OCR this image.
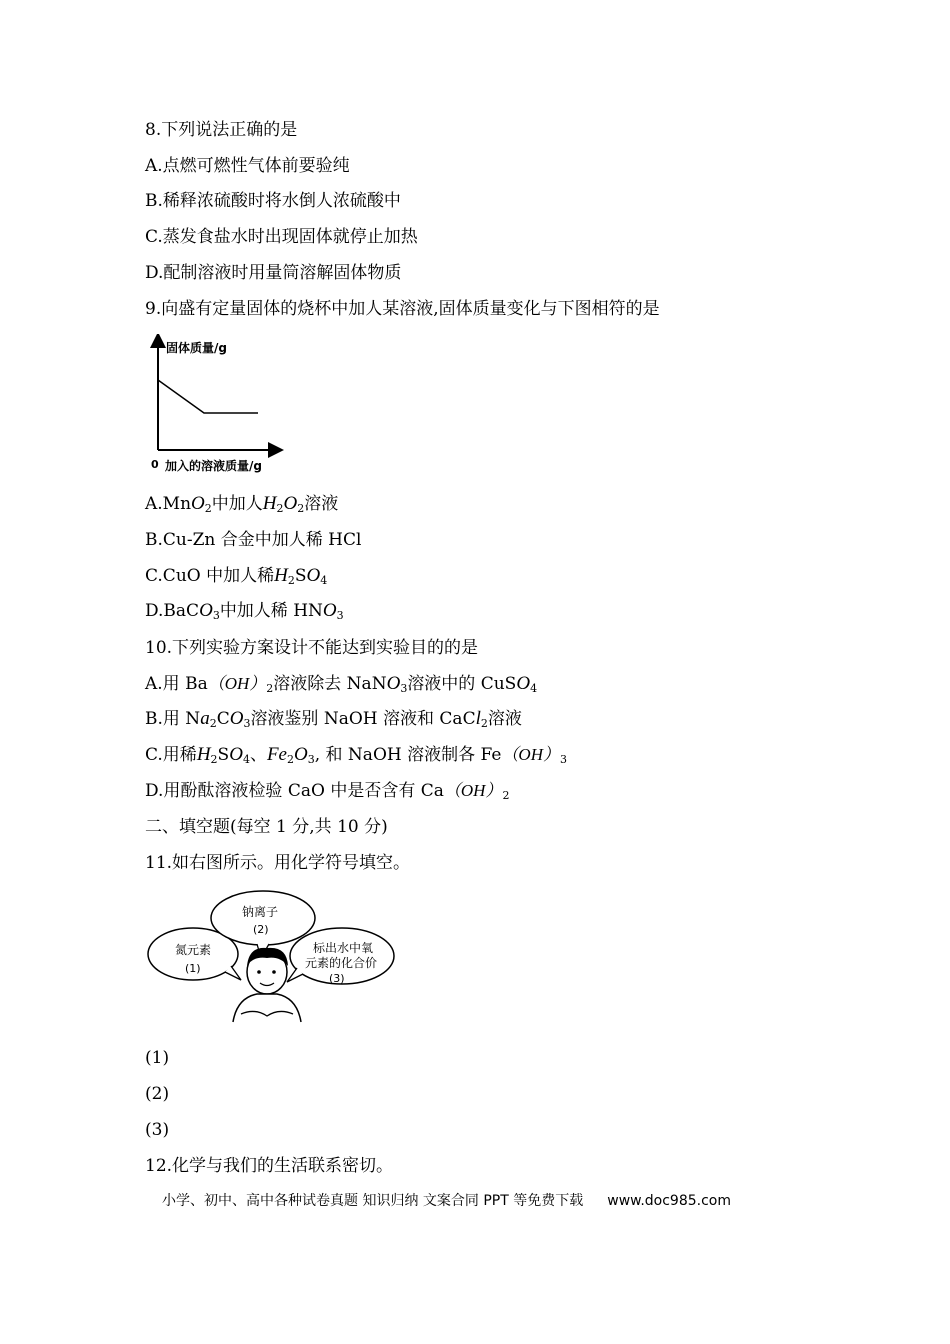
8.下列说法正确的是
A.点燃可燃性气体前要验纯
B.稀释浓硫酸时将水倒人浓硫酸中
C.蒸发食盐水时出现固体就停止加热
D.配制溶液时用量筒溶解固体物质
9.向盛有定量固体的烧杯中加人某溶液,固体质量变化与下图相符的是
固体质量/g
0 加入的溶液质量/g
A.MnO$_2$中加人$H_2O_2$溶液
B.Cu-Zn 合金中加人稀 HCl
C.CuO 中加人稀$H_2SO_4$
D.BaCO$_3$中加人稀 $HNO_3$
10.下列实验方案设计不能达到实验目的的是
A.用 $Ba(OH)_2$溶液除去 NaNO$_3$溶液中的 CuSO$_4$
B.用 $Na_2CO_3$溶液鉴别 NaOH 溶液和 CaCl$_2$溶液
C.用稀$H_2SO_4$、$Fe_2O_3$, 和 NaOH 溶液制各 $Fe(OH)_3$
D.用酚酞溶液检验 CaO 中是否含有 $Ca(OH)_2$
二、填空题(每空 1 分,共 10 分)
11.如右图所示。用化学符号填空。
氮元素
(1)
钠离子
(2)
标出水中氧
元素的化合价
(3)
(1)
(2)
(3)
12.化学与我们的生活联系密切。
小学、初中、高中各种试卷真题 知识归纳 文案合同 PPT 等免费下载 www.doc985.com
